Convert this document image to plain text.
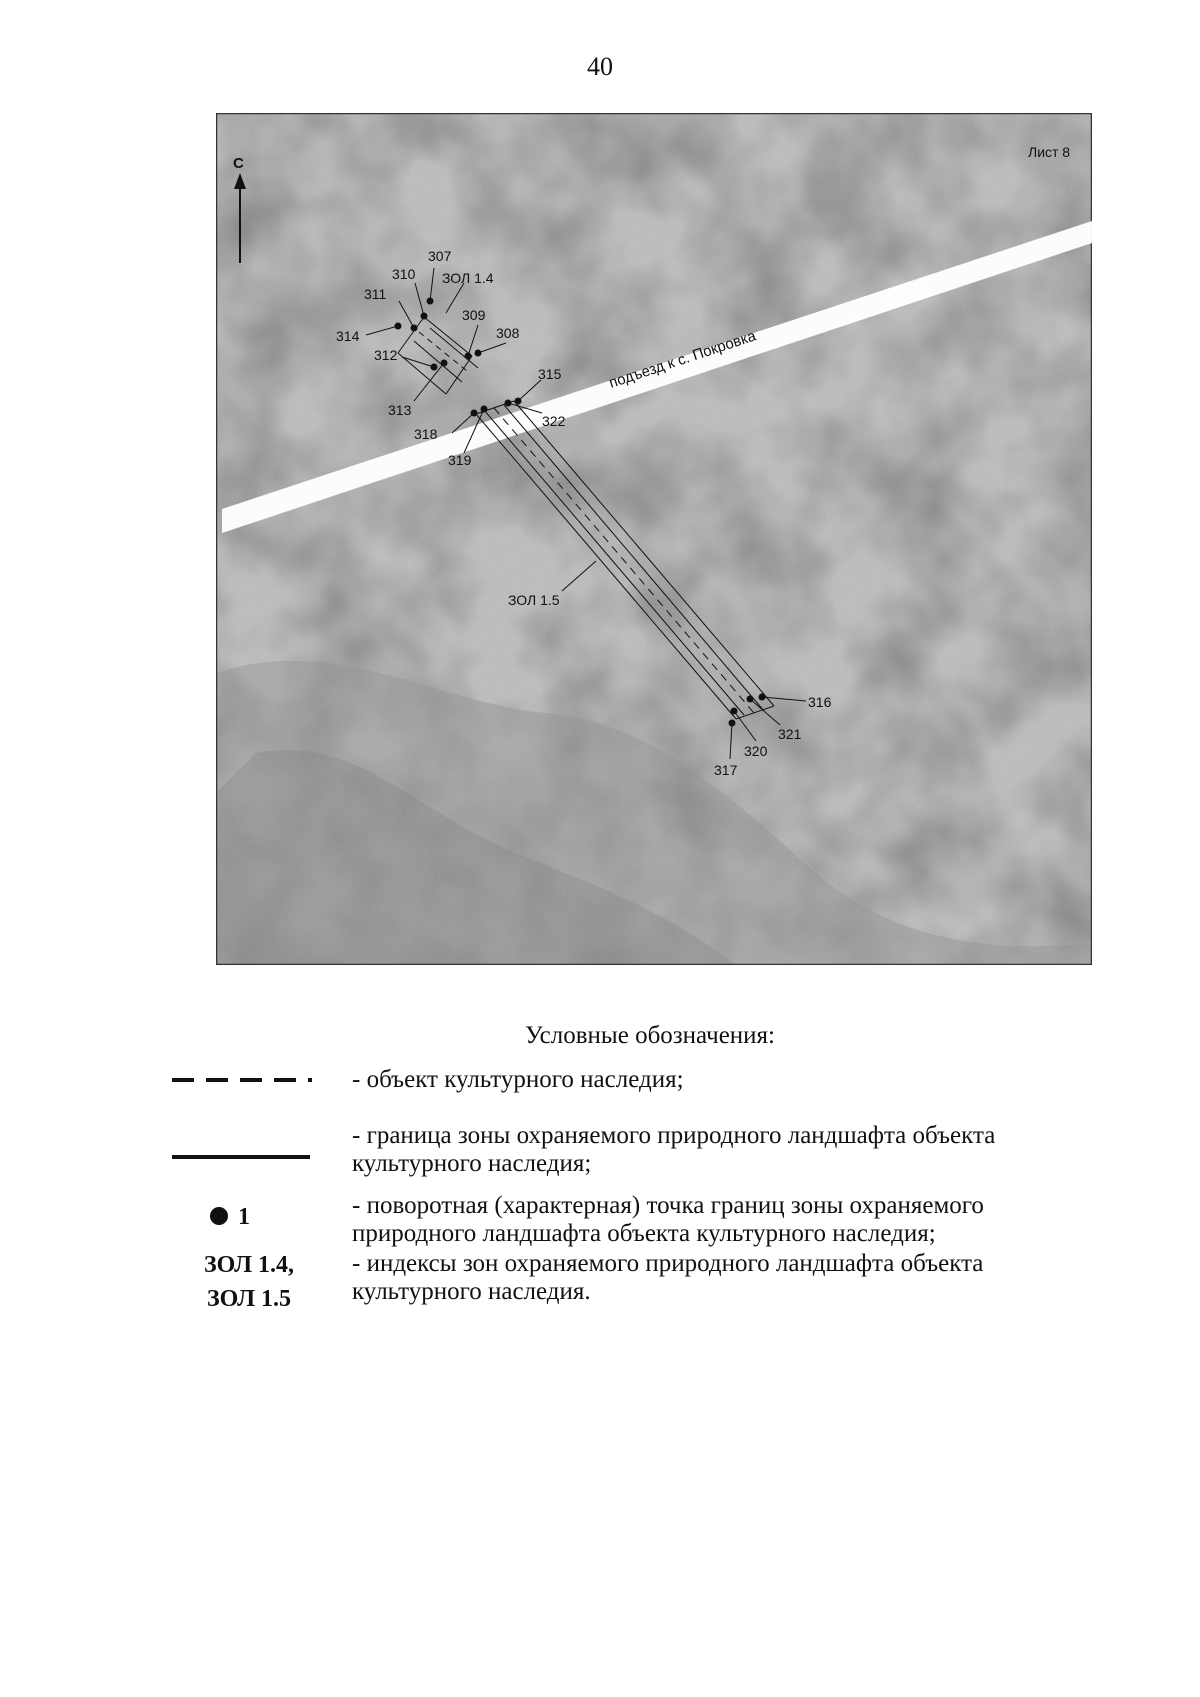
40
подъезд к с. Покровка
С
Лист 8
307
308
309
310
311
312
313
314
315
316
317
318
319
320
321
322
ЗОЛ 1.4
ЗОЛ 1.5
Условные обозначения:
- объект культурного наследия;
- граница зоны охраняемого природного ландшафта объекта культурного наследия;
1	- поворотная (характерная) точка границ зоны охраняемого природного ландшафта объекта культурного наследия;
ЗОЛ 1.4,
ЗОЛ 1.5
- индексы зон охраняемого природного ландшафта объекта культурного наследия.
